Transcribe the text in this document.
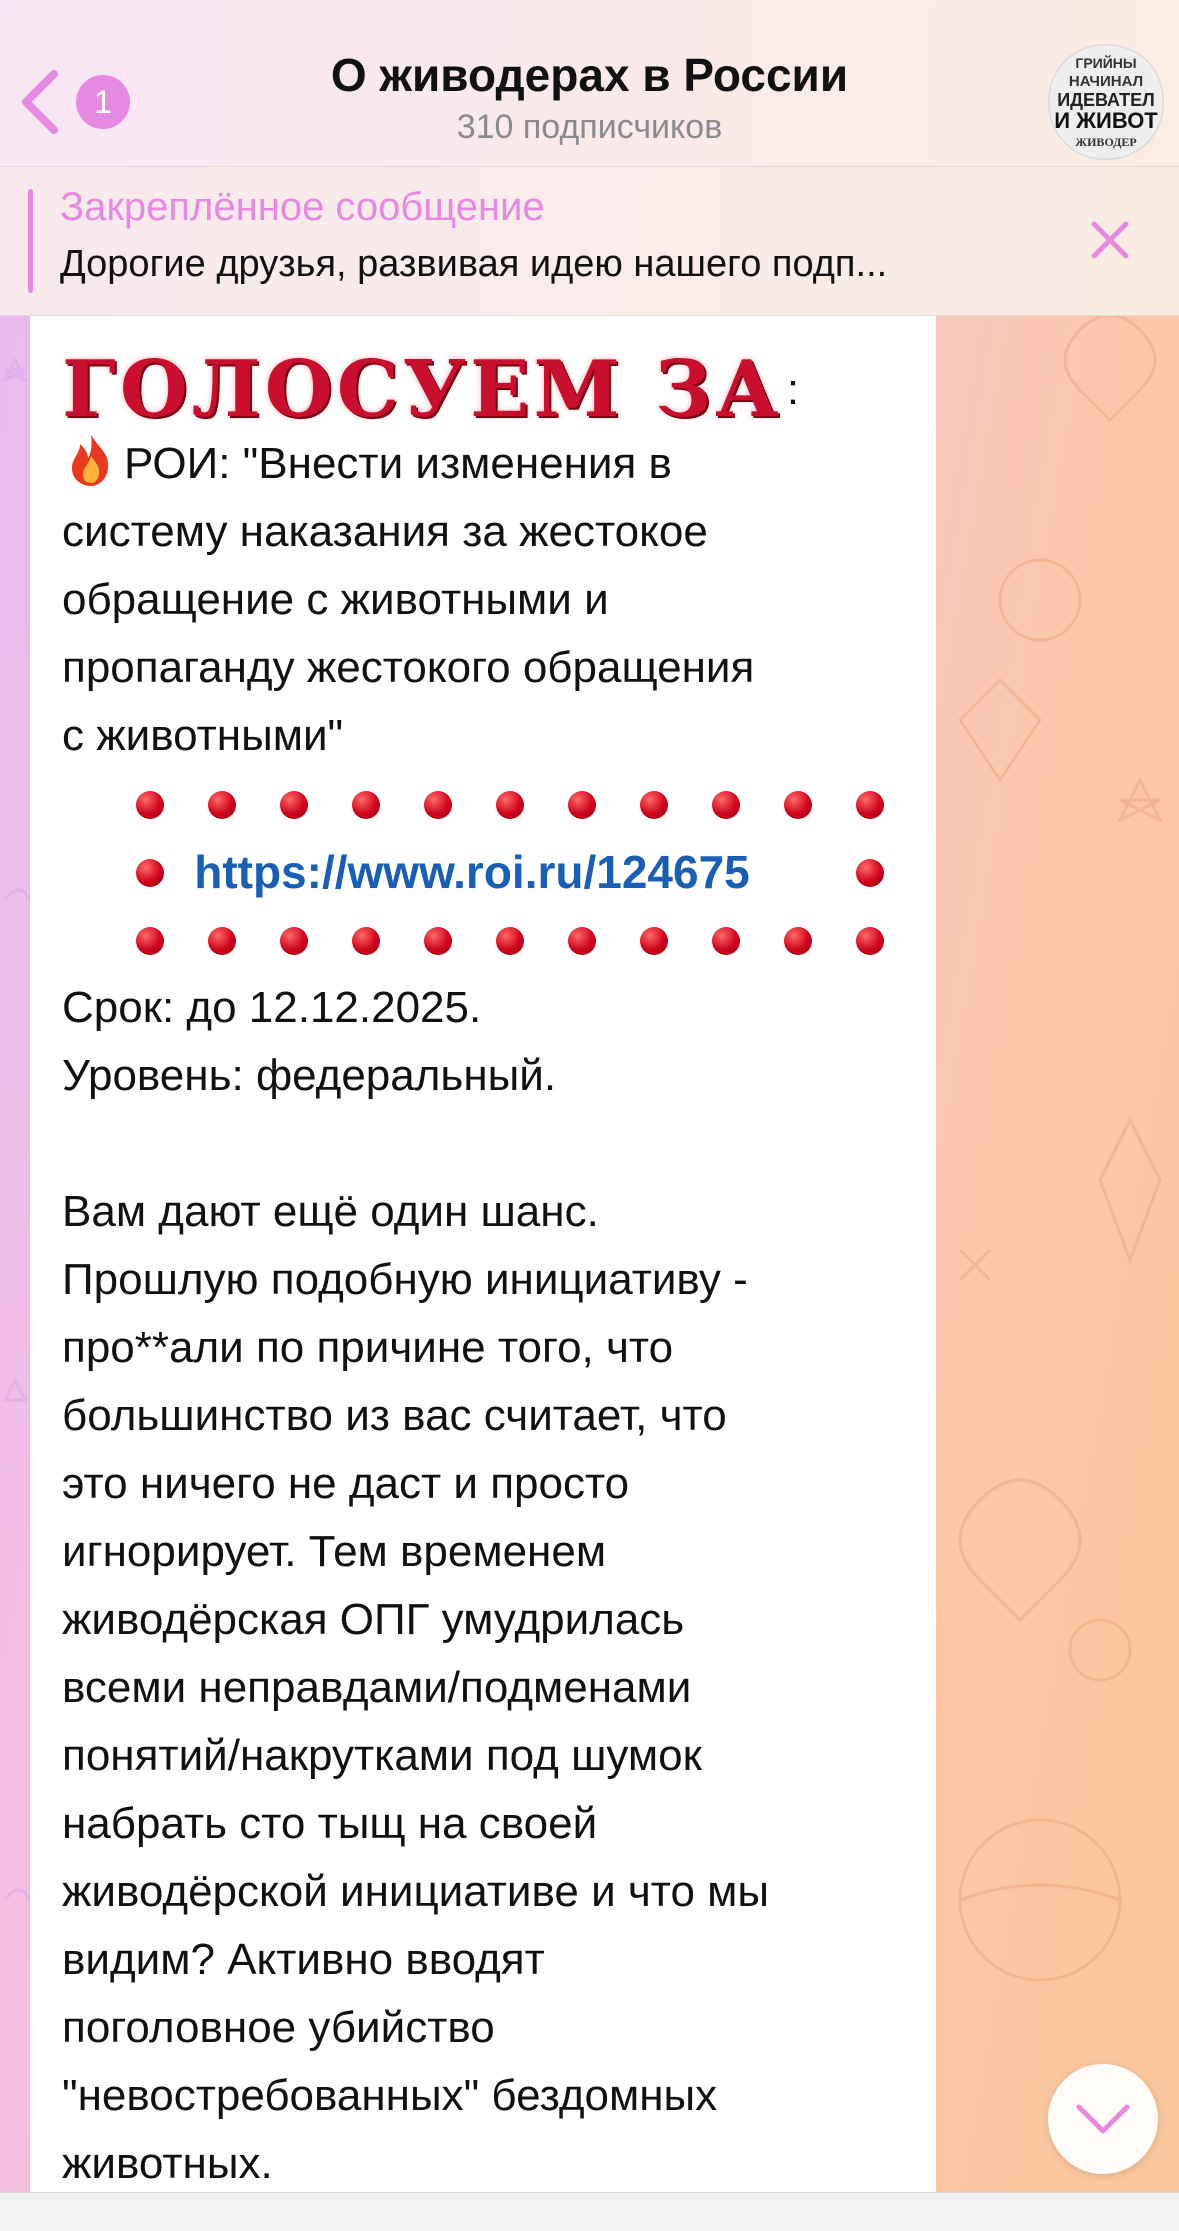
1
О живодерах в России
310 подписчиков
ГРИЙНЫ
НАЧИНАЛ
ИДЕВАТЕЛ
И ЖИВОТ
ЖИВОДЕР
Закреплённое сообщение
Дорогие друзья, развивая идею нашего подп...
ГОЛОСУЕМ ЗА :

РОИ: "Внести изменения в

систему наказания за жестокое

обращение с животными и

пропаганду жестокого обращения

с животными"

https://www.roi.ru/124675

Срок: до 12.12.2025.

Уровень: федеральный.

Вам дают ещё один шанс.

Прошлую подобную инициативу -

про**али по причине того, что

большинство из вас считает, что

это ничего не даст и просто

игнорирует. Тем временем

живодёрская ОПГ умудрилась

всеми неправдами/подменами

понятий/накрутками под шумок

набрать сто тыщ на своей

живодёрской инициативе и что мы

видим? Активно вводят

поголовное убийство

"невостребованных" бездомных

животных.
